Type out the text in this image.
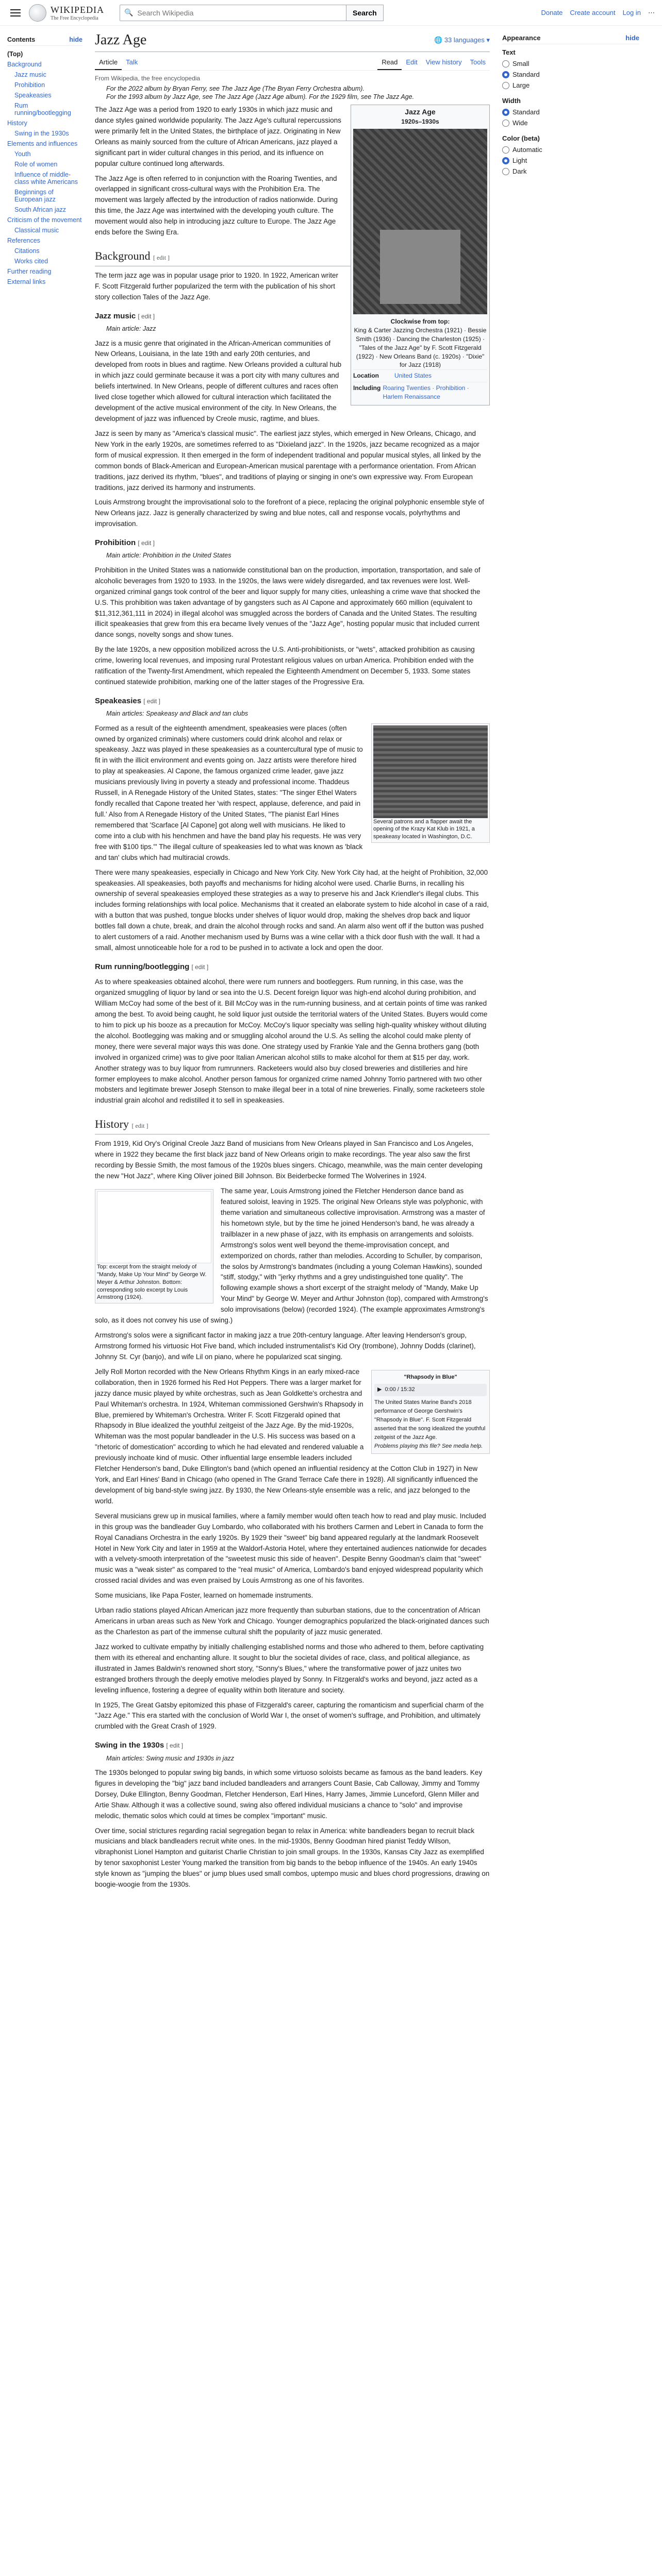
WIKIPEDIA
The Free Encyclopedia
🔍
Search Wikipedia	Search	Donate Create account Log in ⋯
Contents	hide
(Top)
Background
Jazz music
Prohibition
Speakeasies
Rum running/bootlegging
History
Swing in the 1930s
Elements and influences
Youth
Role of women
Influence of middle-class white Americans
Beginnings of European jazz
South African jazz
Criticism of the movement
Classical music
References
Citations
Works cited
Further reading
External links
Jazz Age	🌐 33 languages ▾
Article	Talk	Read	Edit	View history	Tools
From Wikipedia, the free encyclopedia
For the 2022 album by Bryan Ferry, see The Jazz Age (The Bryan Ferry Orchestra album).
For the 1993 album by Jazz Age, see The Jazz Age (Jazz Age album). For the 1929 film, see The Jazz Age.
Jazz Age
1920s–1930s
Clockwise from top:
King & Carter Jazzing Orchestra (1921) · Bessie Smith (1936) · Dancing the Charleston (1925) · "Tales of the Jazz Age" by F. Scott Fitzgerald (1922) · New Orleans Band (c. 1920s) · "Dixie" for Jazz (1918)
Location	United States
Including Roaring Twenties · Prohibition · Harlem Renaissance

The Jazz Age was a period from 1920 to early 1930s in which jazz music and dance styles gained worldwide popularity. The Jazz Age's cultural repercussions were primarily felt in the United States, the birthplace of jazz. Originating in New Orleans as mainly sourced from the culture of African Americans, jazz played a significant part in wider cultural changes in this period, and its influence on popular culture continued long afterwards.

The Jazz Age is often referred to in conjunction with the Roaring Twenties, and overlapped in significant cross-cultural ways with the Prohibition Era. The movement was largely affected by the introduction of radios nationwide. During this time, the Jazz Age was intertwined with the developing youth culture. The movement would also help in introducing jazz culture to Europe. The Jazz Age ends before the Swing Era.

Background [ edit ]

The term jazz age was in popular usage prior to 1920. In 1922, American writer F. Scott Fitzgerald further popularized the term with the publication of his short story collection Tales of the Jazz Age.

Jazz music [ edit ]
Main article: Jazz

Jazz is a music genre that originated in the African-American communities of New Orleans, Louisiana, in the late 19th and early 20th centuries, and developed from roots in blues and ragtime. New Orleans provided a cultural hub in which jazz could germinate because it was a port city with many cultures and beliefs intertwined. In New Orleans, people of different cultures and races often lived close together which allowed for cultural interaction which facilitated the development of the active musical environment of the city. In New Orleans, the development of jazz was influenced by Creole music, ragtime, and blues.

Jazz is seen by many as "America's classical music". The earliest jazz styles, which emerged in New Orleans, Chicago, and New York in the early 1920s, are sometimes referred to as "Dixieland jazz". In the 1920s, jazz became recognized as a major form of musical expression. It then emerged in the form of independent traditional and popular musical styles, all linked by the common bonds of Black-American and European-American musical parentage with a performance orientation. From African traditions, jazz derived its rhythm, "blues", and traditions of playing or singing in one's own expressive way. From European traditions, jazz derived its harmony and instruments.

Louis Armstrong brought the improvisational solo to the forefront of a piece, replacing the original polyphonic ensemble style of New Orleans jazz. Jazz is generally characterized by swing and blue notes, call and response vocals, polyrhythms and improvisation.

Prohibition [ edit ]
Main article: Prohibition in the United States

Prohibition in the United States was a nationwide constitutional ban on the production, importation, transportation, and sale of alcoholic beverages from 1920 to 1933. In the 1920s, the laws were widely disregarded, and tax revenues were lost. Well-organized criminal gangs took control of the beer and liquor supply for many cities, unleashing a crime wave that shocked the U.S. This prohibition was taken advantage of by gangsters such as Al Capone and approximately 660 million (equivalent to $11,312,361,111 in 2024) in illegal alcohol was smuggled across the borders of Canada and the United States. The resulting illicit speakeasies that grew from this era became lively venues of the "Jazz Age", hosting popular music that included current dance songs, novelty songs and show tunes.

By the late 1920s, a new opposition mobilized across the U.S. Anti-prohibitionists, or "wets", attacked prohibition as causing crime, lowering local revenues, and imposing rural Protestant religious values on urban America. Prohibition ended with the ratification of the Twenty-first Amendment, which repealed the Eighteenth Amendment on December 5, 1933. Some states continued statewide prohibition, marking one of the latter stages of the Progressive Era.

Speakeasies [ edit ]
Main articles: Speakeasy and Black and tan clubs
Several patrons and a flapper await the opening of the Krazy Kat Klub in 1921, a speakeasy located in Washington, D.C.

Formed as a result of the eighteenth amendment, speakeasies were places (often owned by organized criminals) where customers could drink alcohol and relax or speakeasy. Jazz was played in these speakeasies as a countercultural type of music to fit in with the illicit environment and events going on. Jazz artists were therefore hired to play at speakeasies. Al Capone, the famous organized crime leader, gave jazz musicians previously living in poverty a steady and professional income. Thaddeus Russell, in A Renegade History of the United States, states: "The singer Ethel Waters fondly recalled that Capone treated her 'with respect, applause, deference, and paid in full.' Also from A Renegade History of the United States, "The pianist Earl Hines remembered that 'Scarface [Al Capone] got along well with musicians. He liked to come into a club with his henchmen and have the band play his requests. He was very free with $100 tips.'" The illegal culture of speakeasies led to what was known as 'black and tan' clubs which had multiracial crowds.

There were many speakeasies, especially in Chicago and New York City. New York City had, at the height of Prohibition, 32,000 speakeasies. All speakeasies, both payoffs and mechanisms for hiding alcohol were used. Charlie Burns, in recalling his ownership of several speakeasies employed these strategies as a way to preserve his and Jack Kriendler's illegal clubs. This includes forming relationships with local police. Mechanisms that it created an elaborate system to hide alcohol in case of a raid, with a button that was pushed, tongue blocks under shelves of liquor would drop, making the shelves drop back and liquor bottles fall down a chute, break, and drain the alcohol through rocks and sand. An alarm also went off if the button was pushed to alert customers of a raid. Another mechanism used by Burns was a wine cellar with a thick door flush with the wall. It had a small, almost unnoticeable hole for a rod to be pushed in to activate a lock and open the door.

Rum running/bootlegging [ edit ]

As to where speakeasies obtained alcohol, there were rum runners and bootleggers. Rum running, in this case, was the organized smuggling of liquor by land or sea into the U.S. Decent foreign liquor was high-end alcohol during prohibition, and William McCoy had some of the best of it. Bill McCoy was in the rum-running business, and at certain points of time was ranked among the best. To avoid being caught, he sold liquor just outside the territorial waters of the United States. Buyers would come to him to pick up his booze as a precaution for McCoy. McCoy's liquor specialty was selling high-quality whiskey without diluting the alcohol. Bootlegging was making and or smuggling alcohol around the U.S. As selling the alcohol could make plenty of money, there were several major ways this was done. One strategy used by Frankie Yale and the Genna brothers gang (both involved in organized crime) was to give poor Italian American alcohol stills to make alcohol for them at $15 per day, work. Another strategy was to buy liquor from rumrunners. Racketeers would also buy closed breweries and distilleries and hire former employees to make alcohol. Another person famous for organized crime named Johnny Torrio partnered with two other mobsters and legitimate brewer Joseph Stenson to make illegal beer in a total of nine breweries. Finally, some racketeers stole industrial grain alcohol and redistilled it to sell in speakeasies.

History [ edit ]

From 1919, Kid Ory's Original Creole Jazz Band of musicians from New Orleans played in San Francisco and Los Angeles, where in 1922 they became the first black jazz band of New Orleans origin to make recordings. The year also saw the first recording by Bessie Smith, the most famous of the 1920s blues singers. Chicago, meanwhile, was the main center developing the new "Hot Jazz", where King Oliver joined Bill Johnson. Bix Beiderbecke formed The Wolverines in 1924.

Top: excerpt from the straight melody of "Mandy, Make Up Your Mind" by George W. Meyer & Arthur Johnston. Bottom: corresponding solo excerpt by Louis Armstrong (1924).

The same year, Louis Armstrong joined the Fletcher Henderson dance band as featured soloist, leaving in 1925. The original New Orleans style was polyphonic, with theme variation and simultaneous collective improvisation. Armstrong was a master of his hometown style, but by the time he joined Henderson's band, he was already a trailblazer in a new phase of jazz, with its emphasis on arrangements and soloists. Armstrong's solos went well beyond the theme-improvisation concept, and extemporized on chords, rather than melodies. According to Schuller, by comparison, the solos by Armstrong's bandmates (including a young Coleman Hawkins), sounded "stiff, stodgy," with "jerky rhythms and a grey undistinguished tone quality". The following example shows a short excerpt of the straight melody of "Mandy, Make Up Your Mind" by George W. Meyer and Arthur Johnston (top), compared with Armstrong's solo improvisations (below) (recorded 1924). (The example approximates Armstrong's solo, as it does not convey his use of swing.)

Armstrong's solos were a significant factor in making jazz a true 20th-century language. After leaving Henderson's group, Armstrong formed his virtuosic Hot Five band, which included instrumentalist's Kid Ory (trombone), Johnny Dodds (clarinet), Johnny St. Cyr (banjo), and wife Lil on piano, where he popularized scat singing.

"Rhapsody in Blue"
▶ 0:00 / 15:32
The United States Marine Band's 2018 performance of George Gershwin's "Rhapsody in Blue". F. Scott Fitzgerald asserted that the song idealized the youthful zeitgeist of the Jazz Age.
Problems playing this file? See media help.

Jelly Roll Morton recorded with the New Orleans Rhythm Kings in an early mixed-race collaboration, then in 1926 formed his Red Hot Peppers. There was a larger market for jazzy dance music played by white orchestras, such as Jean Goldkette's orchestra and Paul Whiteman's orchestra. In 1924, Whiteman commissioned Gershwin's Rhapsody in Blue, premiered by Whiteman's Orchestra. Writer F. Scott Fitzgerald opined that Rhapsody in Blue idealized the youthful zeitgeist of the Jazz Age. By the mid-1920s, Whiteman was the most popular bandleader in the U.S. His success was based on a "rhetoric of domestication" according to which he had elevated and rendered valuable a previously inchoate kind of music. Other influential large ensemble leaders included Fletcher Henderson's band, Duke Ellington's band (which opened an influential residency at the Cotton Club in 1927) in New York, and Earl Hines' Band in Chicago (who opened in The Grand Terrace Cafe there in 1928). All significantly influenced the development of big band-style swing jazz. By 1930, the New Orleans-style ensemble was a relic, and jazz belonged to the world.

Several musicians grew up in musical families, where a family member would often teach how to read and play music. Included in this group was the bandleader Guy Lombardo, who collaborated with his brothers Carmen and Lebert in Canada to form the Royal Canadians Orchestra in the early 1920s. By 1929 their "sweet" big band appeared regularly at the landmark Roosevelt Hotel in New York City and later in 1959 at the Waldorf-Astoria Hotel, where they entertained audiences nationwide for decades with a velvety-smooth interpretation of the "sweetest music this side of heaven". Despite Benny Goodman's claim that "sweet" music was a "weak sister" as compared to the "real music" of America, Lombardo's band enjoyed widespread popularity which crossed racial divides and was even praised by Louis Armstrong as one of his favorites.

Some musicians, like Papa Foster, learned on homemade instruments.

Urban radio stations played African American jazz more frequently than suburban stations, due to the concentration of African Americans in urban areas such as New York and Chicago. Younger demographics popularized the black-originated dances such as the Charleston as part of the immense cultural shift the popularity of jazz music generated.

Jazz worked to cultivate empathy by initially challenging established norms and those who adhered to them, before captivating them with its ethereal and enchanting allure. It sought to blur the societal divides of race, class, and political allegiance, as illustrated in James Baldwin's renowned short story, "Sonny's Blues," where the transformative power of jazz unites two estranged brothers through the deeply emotive melodies played by Sonny. In Fitzgerald's works and beyond, jazz acted as a leveling influence, fostering a degree of equality within both literature and society.

In 1925, The Great Gatsby epitomized this phase of Fitzgerald's career, capturing the romanticism and superficial charm of the "Jazz Age." This era started with the conclusion of World War I, the onset of women's suffrage, and Prohibition, and ultimately crumbled with the Great Crash of 1929.

Swing in the 1930s [ edit ]
Main articles: Swing music and 1930s in jazz

The 1930s belonged to popular swing big bands, in which some virtuoso soloists became as famous as the band leaders. Key figures in developing the "big" jazz band included bandleaders and arrangers Count Basie, Cab Calloway, Jimmy and Tommy Dorsey, Duke Ellington, Benny Goodman, Fletcher Henderson, Earl Hines, Harry James, Jimmie Lunceford, Glenn Miller and Artie Shaw. Although it was a collective sound, swing also offered individual musicians a chance to "solo" and improvise melodic, thematic solos which could at times be complex "important" music.

Over time, social strictures regarding racial segregation began to relax in America: white bandleaders began to recruit black musicians and black bandleaders recruit white ones. In the mid-1930s, Benny Goodman hired pianist Teddy Wilson, vibraphonist Lionel Hampton and guitarist Charlie Christian to join small groups. In the 1930s, Kansas City Jazz as exemplified by tenor saxophonist Lester Young marked the transition from big bands to the bebop influence of the 1940s. An early 1940s style known as "jumping the blues" or jump blues used small combos, uptempo music and blues chord progressions, drawing on boogie-woogie from the 1930s.

Appearance	hide
Text
Small
Standard
Large
Width
Standard
Wide
Color (beta)
Automatic
Light
Dark
